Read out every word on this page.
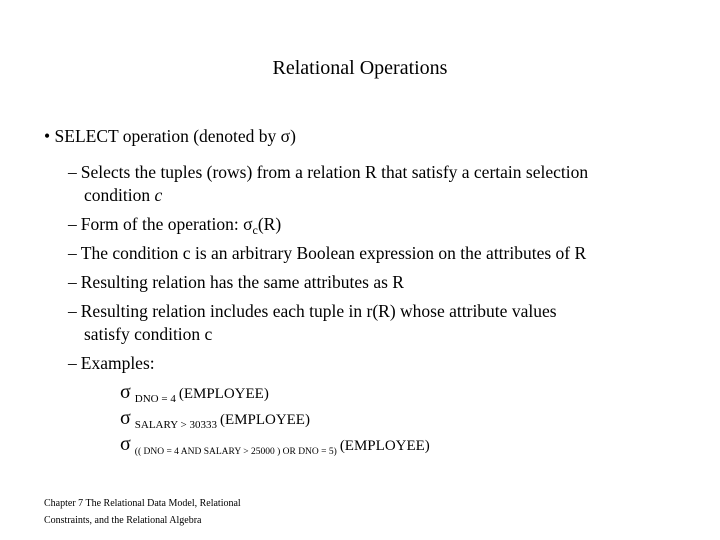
Relational Operations
• SELECT operation (denoted by σ)
– Selects the tuples (rows) from a relation R that satisfy a certain selection
condition c
– Form of the operation: $\sigma_c(R)$
– The condition c is an arbitrary Boolean expression on the attributes of R
– Resulting relation has the same attributes as R
– Resulting relation includes each tuple in r(R) whose attribute values
satisfy condition c
– Examples:
σ $_{DNO = 4}$ (EMPLOYEE)
σ $_{SALARY > 30333}$ (EMPLOYEE)
σ $_{(( DNO = 4 AND SALARY > 25000 ) OR DNO = 5)}$ (EMPLOYEE)
Chapter 7 The Relational Data Model, Relational
Constraints, and the Relational Algebra
